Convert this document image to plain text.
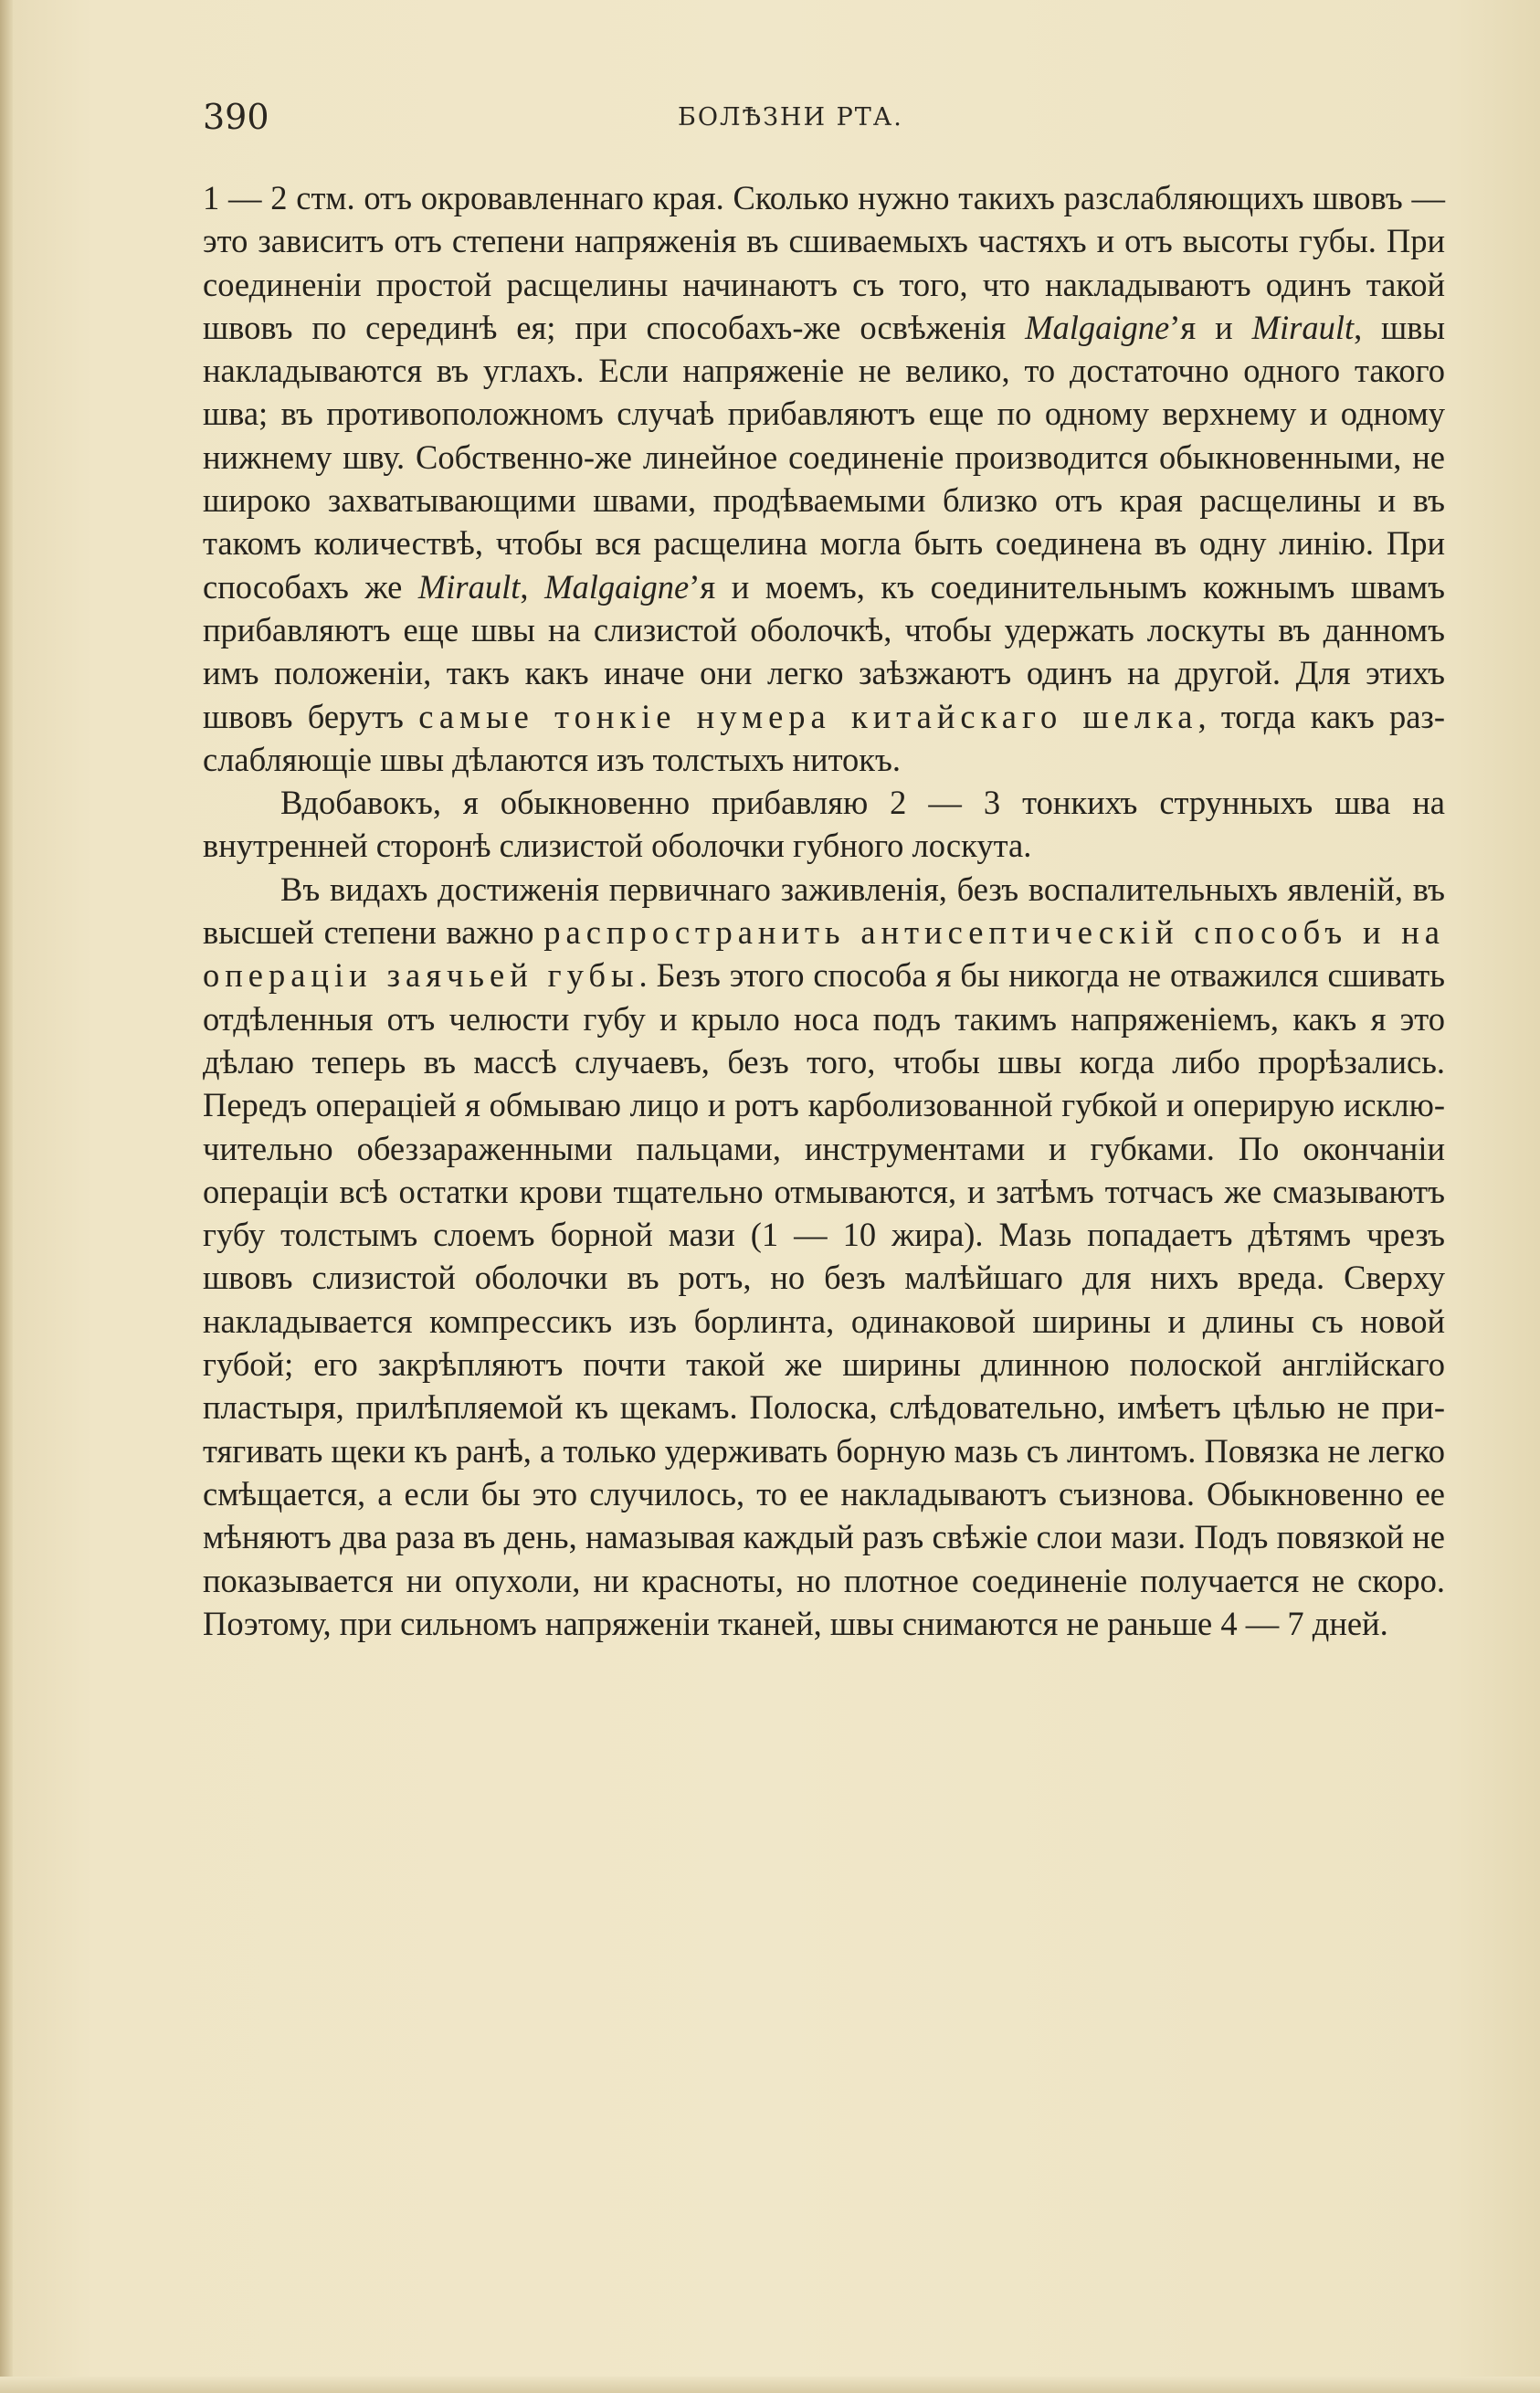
390	БОЛѢЗНИ РТА.

1 — 2 стм. отъ окровавленнаго края. Сколько нужно такихъ разслабляющихъ швовъ — это зависитъ отъ степени напряженія въ сшиваемыхъ частяхъ и отъ высоты губы. При соединеніи простой расщелины начинаютъ съ того, что накладываютъ одинъ такой швовъ по серединѣ ея; при способахъ-же освѣженія Malgaigne’я и Mirault, швы накладываются въ углахъ. Если напряженіе не велико, то достаточно одного такого шва; въ противоположномъ случаѣ прибавляютъ еще по одному верхнему и одному нижнему шву. Собственно-же линейное соединеніе производится обыкновенными, не широко захватывающими швами, продѣваемыми близко отъ края расщелины и въ такомъ количествѣ, чтобы вся расщелина могла быть соединена въ одну линію. При способахъ же Mirault, Malgaigne’я и моемъ, къ соединительнымъ кожнымъ швамъ прибавляютъ еще швы на слизистой оболочкѣ, чтобы удержать лоскуты въ данномъ имъ положеніи, такъ какъ иначе они легко заѣзжаютъ одинъ на другой. Для этихъ швовъ берутъ самые тонкіе нумера китайскаго шелка, тогда какъ разслабляющіе швы дѣлаются изъ толстыхъ нитокъ.

Вдобавокъ, я обыкновенно прибавляю 2 — 3 тонкихъ струнныхъ шва на внутренней сторонѣ слизистой оболочки губного лоскута.

Въ видахъ достиженія первичнаго заживленія, безъ воспалительныхъ явленій, въ высшей степени важно распространить антисептическій способъ и на операціи заячьей губы. Безъ этого способа я бы никогда не отважился сшивать отдѣленныя отъ челюсти губу и крыло носа подъ такимъ напряженіемъ, какъ я это дѣлаю теперь въ массѣ случаевъ, безъ того, чтобы швы когда либо прорѣзались. Передъ операціей я обмываю лицо и ротъ карболизованной губкой и оперирую исключительно обеззараженными пальцами, инструментами и губками. По окончаніи операціи всѣ остатки крови тщательно отмываются, и затѣмъ тотчасъ же смазываютъ губу толстымъ слоемъ борной мази (1 — 10 жира). Мазь попадаетъ дѣтямъ чрезъ швовъ слизистой оболочки въ ротъ, но безъ малѣйшаго для нихъ вреда. Сверху накладывается компрессикъ изъ борлинта, одинаковой ширины и длины съ новой губой; его закрѣпляютъ почти такой же ширины длинною полоской англійскаго пластыря, прилѣпляемой къ щекамъ. Полоска, слѣдовательно, имѣетъ цѣлью не притягивать щеки къ ранѣ, а только удерживать борную мазь съ линтомъ. Повязка не легко смѣщается, а если бы это случилось, то ее накладываютъ съизнова. Обыкновенно ее мѣняютъ два раза въ день, намазывая каждый разъ свѣжіе слои мази. Подъ повязкой не показывается ни опухоли, ни красноты, но плотное соединеніе получается не скоро. Поэтому, при сильномъ напряженіи тканей, швы снимаются не раньше 4 — 7 дней.
